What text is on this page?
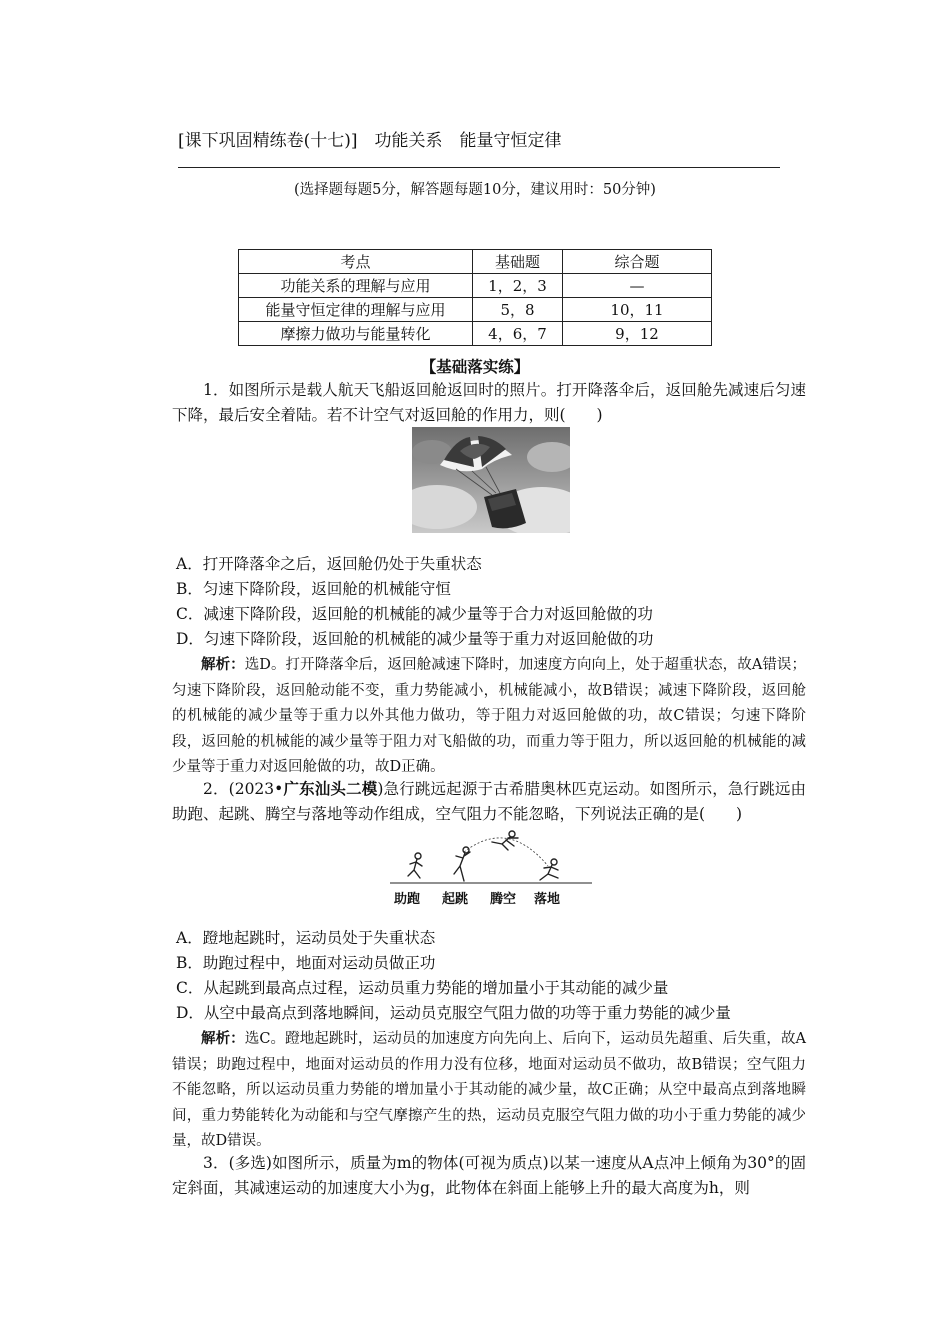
[课下巩固精练卷(十七)]　功能关系　能量守恒定律
(选择题每题5分，解答题每题10分，建议用时：50分钟)
考点	基础题	综合题
功能关系的理解与应用	1，2，3	—
能量守恒定律的理解与应用	5，8	10，11
摩擦力做功与能量转化	4，6，7	9，12
【基础落实练】
1．如图所示是载人航天飞船返回舱返回时的照片。打开降落伞后，返回舱先减速后匀速下降，最后安全着陆。若不计空气对返回舱的作用力，则(　　)
A．打开降落伞之后，返回舱仍处于失重状态
B．匀速下降阶段，返回舱的机械能守恒
C．减速下降阶段，返回舱的机械能的减少量等于合力对返回舱做的功
D．匀速下降阶段，返回舱的机械能的减少量等于重力对返回舱做的功
解析：选D。打开降落伞后，返回舱减速下降时，加速度方向向上，处于超重状态，故A错误；匀速下降阶段，返回舱动能不变，重力势能减小，机械能减小，故B错误；减速下降阶段，返回舱的机械能的减少量等于重力以外其他力做功，等于阻力对返回舱做的功，故C错误；匀速下降阶段，返回舱的机械能的减少量等于阻力对飞船做的功，而重力等于阻力，所以返回舱的机械能的减少量等于重力对返回舱做的功，故D正确。
2．(2023•广东汕头二模)急行跳远起源于古希腊奥林匹克运动。如图所示，急行跳远由助跑、起跳、腾空与落地等动作组成，空气阻力不能忽略，下列说法正确的是(　　)
助跑 起跳 腾空 落地
A．蹬地起跳时，运动员处于失重状态
B．助跑过程中，地面对运动员做正功
C．从起跳到最高点过程，运动员重力势能的增加量小于其动能的减少量
D．从空中最高点到落地瞬间，运动员克服空气阻力做的功等于重力势能的减少量
解析：选C。蹬地起跳时，运动员的加速度方向先向上、后向下，运动员先超重、后失重，故A错误；助跑过程中，地面对运动员的作用力没有位移，地面对运动员不做功，故B错误；空气阻力不能忽略，所以运动员重力势能的增加量小于其动能的减少量，故C正确；从空中最高点到落地瞬间，重力势能转化为动能和与空气摩擦产生的热，运动员克服空气阻力做的功小于重力势能的减少量，故D错误。
3．(多选)如图所示，质量为m的物体(可视为质点)以某一速度从A点冲上倾角为30°的固定斜面，其减速运动的加速度大小为g，此物体在斜面上能够上升的最大高度为h，则
